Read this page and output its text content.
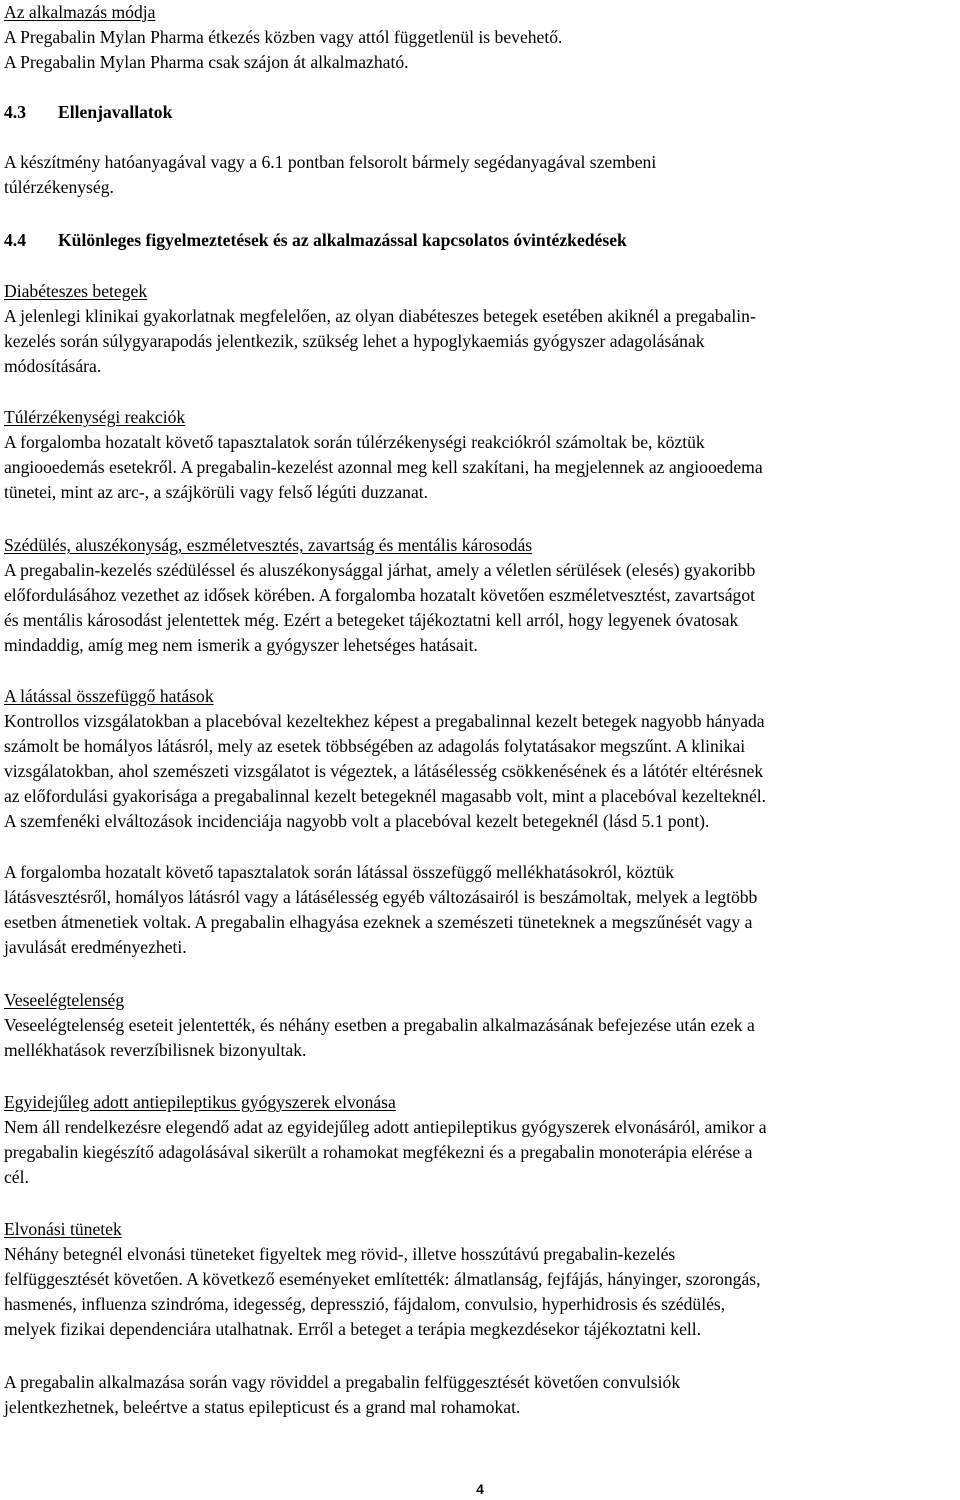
Az alkalmazás módja
A Pregabalin Mylan Pharma étkezés közben vagy attól függetlenül is bevehető.
A Pregabalin Mylan Pharma csak szájon át alkalmazható.
4.3 Ellenjavallatok
A készítmény hatóanyagával vagy a 6.1 pontban felsorolt bármely segédanyagával szembeni
túlérzékenység.
4.4 Különleges figyelmeztetések és az alkalmazással kapcsolatos óvintézkedések
Diabéteszes betegek
A jelenlegi klinikai gyakorlatnak megfelelően, az olyan diabéteszes betegek esetében akiknél a pregabalin-
kezelés során súlygyarapodás jelentkezik, szükség lehet a hypoglykaemiás gyógyszer adagolásának
módosítására.
Túlérzékenységi reakciók
A forgalomba hozatalt követő tapasztalatok során túlérzékenységi reakciókról számoltak be, köztük
angiooedemás esetekről. A pregabalin-kezelést azonnal meg kell szakítani, ha megjelennek az angiooedema
tünetei, mint az arc-, a szájkörüli vagy felső légúti duzzanat.
Szédülés, aluszékonyság, eszméletvesztés, zavartság és mentális károsodás
A pregabalin-kezelés szédüléssel és aluszékonysággal járhat, amely a véletlen sérülések (elesés) gyakoribb
előfordulásához vezethet az idősek körében. A forgalomba hozatalt követően eszméletvesztést, zavartságot
és mentális károsodást jelentettek még. Ezért a betegeket tájékoztatni kell arról, hogy legyenek óvatosak
mindaddig, amíg meg nem ismerik a gyógyszer lehetséges hatásait.
A látással összefüggő hatások
Kontrollos vizsgálatokban a placebóval kezeltekhez képest a pregabalinnal kezelt betegek nagyobb hányada
számolt be homályos látásról, mely az esetek többségében az adagolás folytatásakor megszűnt. A klinikai
vizsgálatokban, ahol szemészeti vizsgálatot is végeztek, a látásélesség csökkenésének és a látótér eltérésnek
az előfordulási gyakorisága a pregabalinnal kezelt betegeknél magasabb volt, mint a placebóval kezelteknél.
A szemfenéki elváltozások incidenciája nagyobb volt a placebóval kezelt betegeknél (lásd 5.1 pont).
A forgalomba hozatalt követő tapasztalatok során látással összefüggő mellékhatásokról, köztük
látásvesztésről, homályos látásról vagy a látásélesség egyéb változásairól is beszámoltak, melyek a legtöbb
esetben átmenetiek voltak. A pregabalin elhagyása ezeknek a szemészeti tüneteknek a megszűnését vagy a
javulását eredményezheti.
Veseelégtelenség
Veseelégtelenség eseteit jelentették, és néhány esetben a pregabalin alkalmazásának befejezése után ezek a
mellékhatások reverzíbilisnek bizonyultak.
Egyidejűleg adott antiepileptikus gyógyszerek elvonása
Nem áll rendelkezésre elegendő adat az egyidejűleg adott antiepileptikus gyógyszerek elvonásáról, amikor a
pregabalin kiegészítő adagolásával sikerült a rohamokat megfékezni és a pregabalin monoterápia elérése a
cél.
Elvonási tünetek
Néhány betegnél elvonási tüneteket figyeltek meg rövid-, illetve hosszútávú pregabalin-kezelés
felfüggesztését követően. A következő eseményeket említették: álmatlanság, fejfájás, hányinger, szorongás,
hasmenés, influenza szindróma, idegesség, depresszió, fájdalom, convulsio, hyperhidrosis és szédülés,
melyek fizikai dependenciára utalhatnak. Erről a beteget a terápia megkezdésekor tájékoztatni kell.
A pregabalin alkalmazása során vagy röviddel a pregabalin felfüggesztését követően convulsiók
jelentkezhetnek, beleértve a status epilepticust és a grand mal rohamokat.
4
